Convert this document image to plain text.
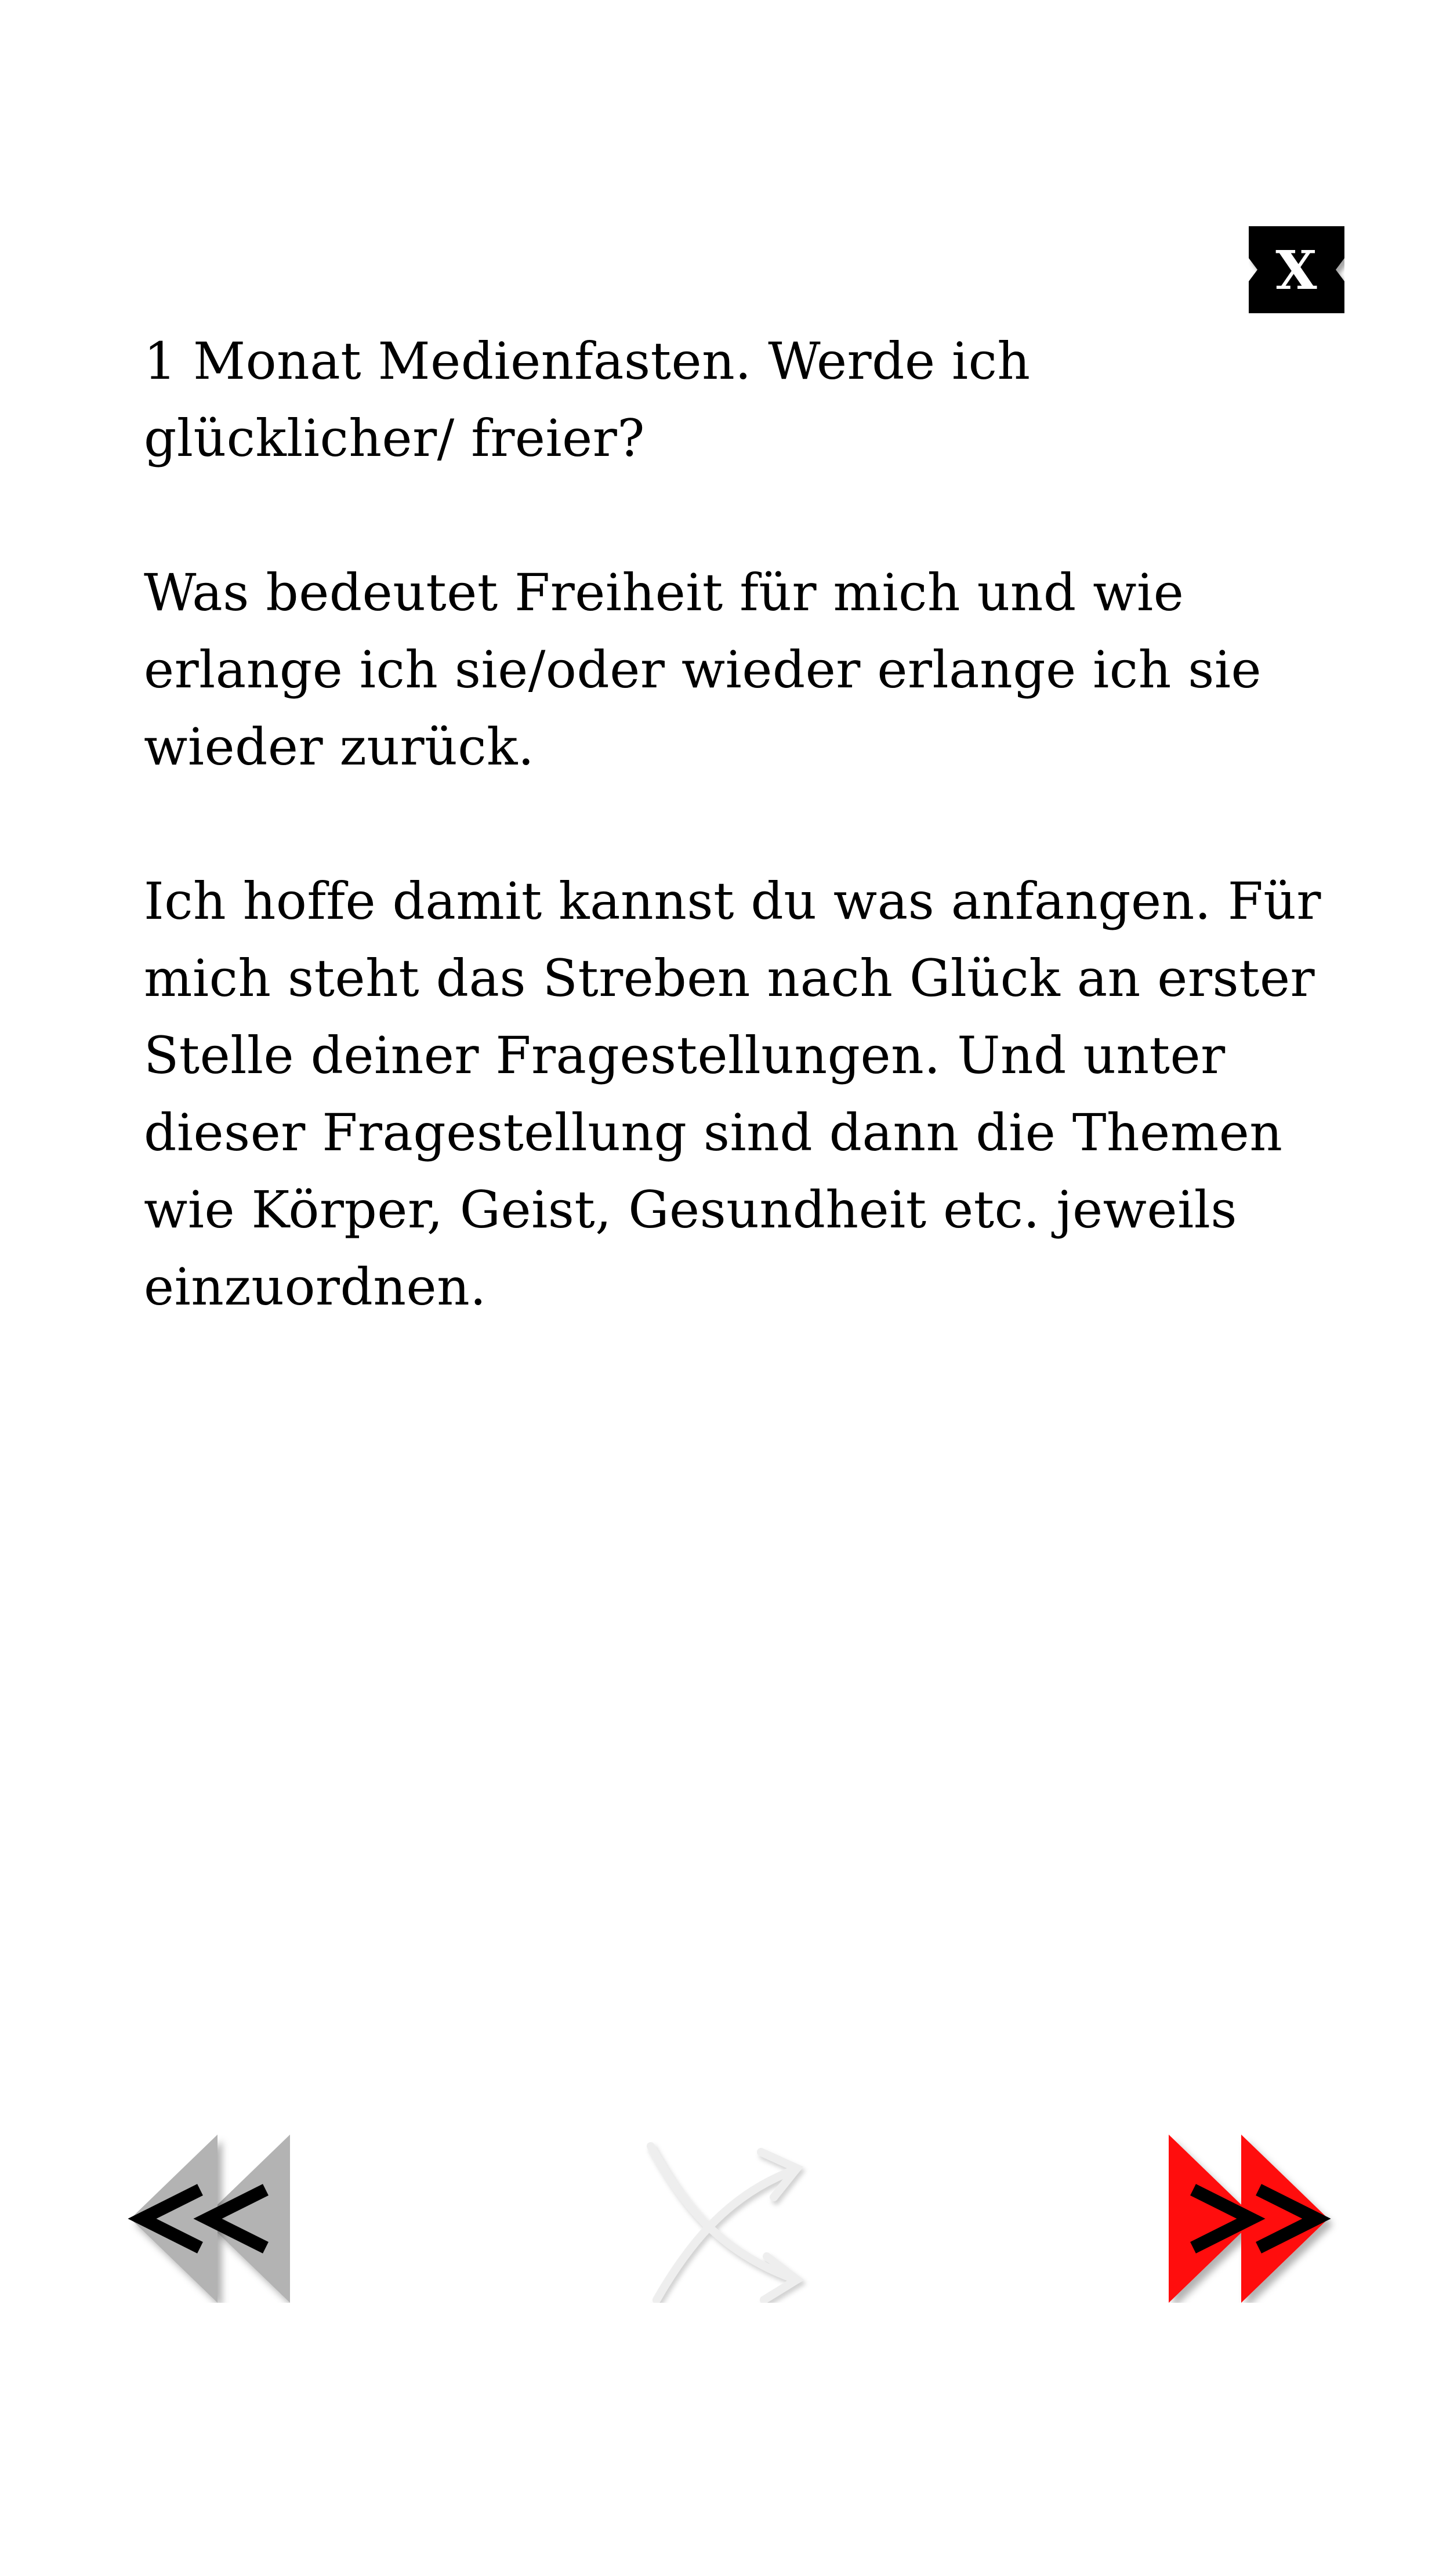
X

1 Monat Medienfasten. Werde ich glücklicher/ freier?

Was bedeutet Freiheit für mich und wie erlange ich sie/oder wieder erlange ich sie wieder zurück.

Ich hoffe damit kannst du was anfangen. Für mich steht das Streben nach Glück an erster Stelle deiner Fragestellungen. Und unter dieser Fragestellung sind dann die Themen wie Körper, Geist, Gesundheit etc. jeweils einzuordnen.
